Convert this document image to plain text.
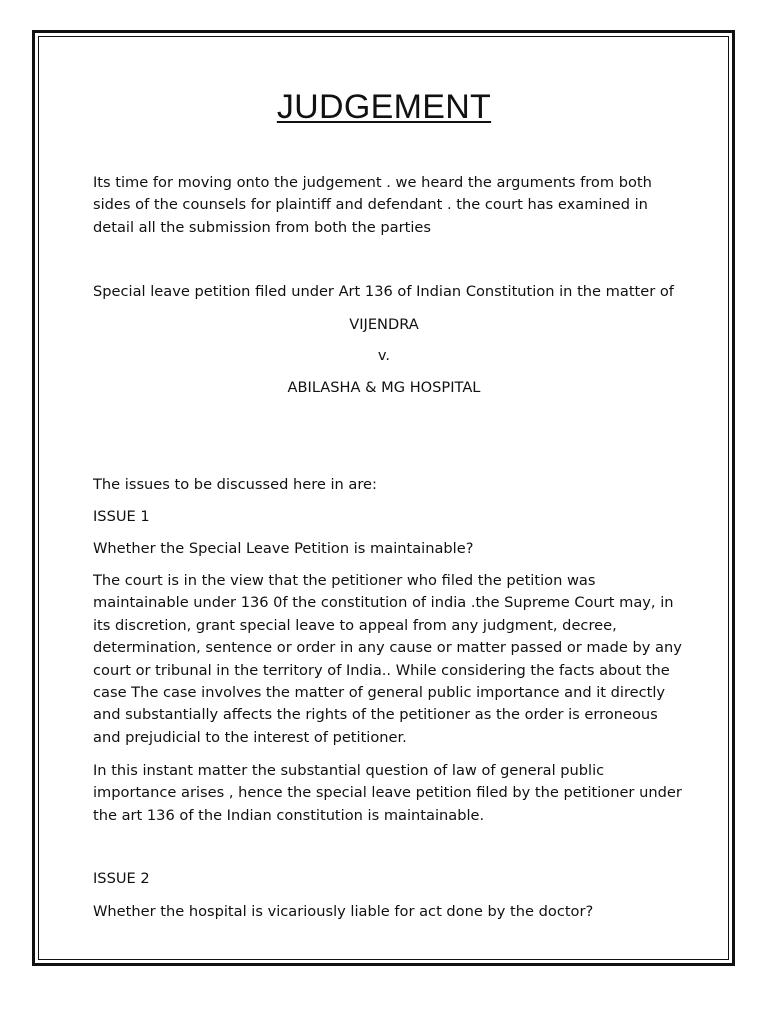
JUDGEMENT

Its time for moving onto the judgement . we heard the arguments from both sides of the counsels for plaintiff and defendant . the court has examined in detail all the submission from both the parties

Special leave petition filed under Art 136 of Indian Constitution in the matter of

VIJENDRA

v.

ABILASHA & MG HOSPITAL

The issues to be discussed here in are:

ISSUE 1

Whether the Special Leave Petition is maintainable?

The court is in the view that the petitioner who filed the petition was maintainable under 136 0f the constitution of india .the Supreme Court may, in its discretion, grant special leave to appeal from any judgment, decree, determination, sentence or order in any cause or matter passed or made by any court or tribunal in the territory of India.. While considering the facts about the case The case involves the matter of general public importance and it directly and substantially affects the rights of the petitioner as the order is erroneous and prejudicial to the interest of petitioner.

In this instant matter the substantial question of law of general public importance arises , hence the special leave petition filed by the petitioner under the art 136 of the Indian constitution is maintainable.

ISSUE 2

Whether the hospital is vicariously liable for act done by the doctor?
